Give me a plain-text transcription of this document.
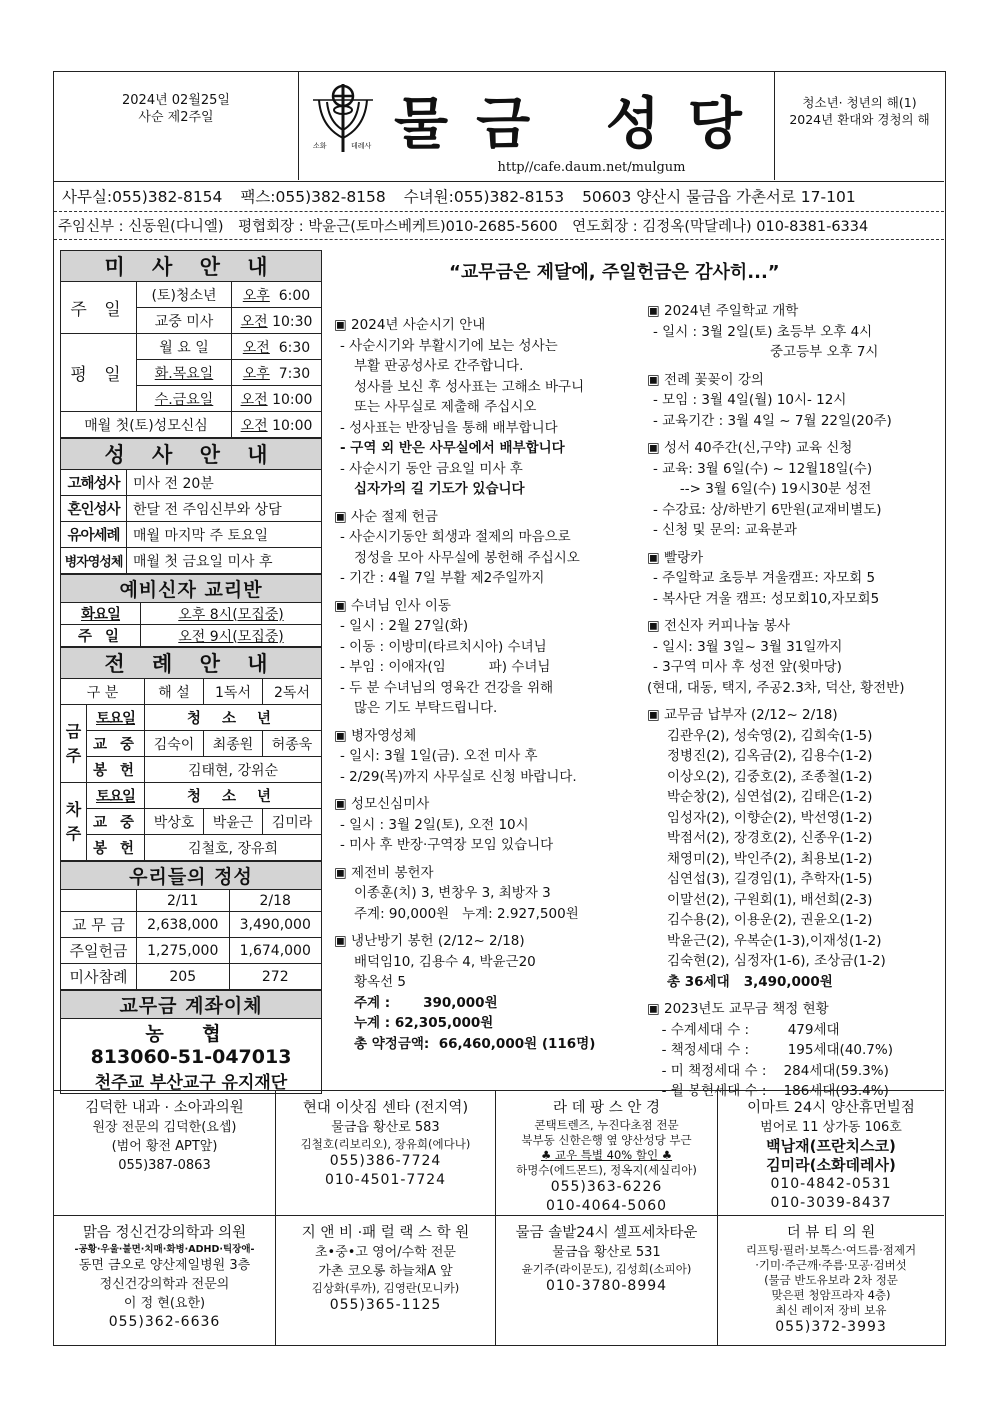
2024년 02월25일
사순 제2주일
소화	데레사 물금 성당
http//cafe.daum.net/mulgum
청소년· 청년의 해(1)
2024년 환대와 경청의 해
사무실:055)382-8154 팩스:055)382-8158 수녀원:055)382-8153 50603 양산시 물금읍 가촌서로 17-101
주임신부 : 신동원(다니엘) 평협회장 : 박윤근(토마스베케트)010-2685-5600 연도회장 : 김정옥(막달레나) 010-8381-6334
미 사 안 내		
주 일	(토)청소년	오후 6:00
	교중 미사	오전 10:30
평 일	월 요 일	오전 6:30
	화.목요일	오후 7:30
	수.금요일	오전 10:00
매월 첫(토)성모신심		오전 10:00
성 사 안 내	
고해성사	미사 전 20분
혼인성사	한달 전 주임신부와 상담
유아세례	매월 마지막 주 토요일
병자영성체	매월 첫 금요일 미사 후
예비신자 교리반	
화요일	오후 8시(모집중)
주 일	오전 9시(모집중)
전 례 안 내				
구 분		해 설	1독서	2독서
금주	토요일	청 소 년		
	교 중	김숙이	최종원	허종욱
	봉 헌	김태현, 강위순		
차주	토요일	청 소 년		
	교 중	박상호	박윤근	김미라
	봉 헌	김철호, 장유희		
우리들의 정성		
	2/11	2/18
교 무 금	2,638,000	3,490,000
주일헌금	1,275,000	1,674,000
미사참례	205	272
교무금 계좌이체
농 협
813060-51-047013
천주교 부산교구 유지재단
“교무금은 제달에, 주일헌금은 감사히...”
▣ 2024년 사순시기 안내
- 사순시기와 부활시기에 보는 성사는
부활 판공성사로 간주합니다.
성사를 보신 후 성사표는 고해소 바구니
또는 사무실로 제출해 주십시오
- 성사표는 반장님을 통해 배부합니다
- 구역 외 반은 사무실에서 배부합니다
- 사순시기 동안 금요일 미사 후
십자가의 길 기도가 있습니다
▣ 사순 절제 헌금
- 사순시기동안 희생과 절제의 마음으로
정성을 모아 사무실에 봉헌해 주십시오
- 기간 : 4월 7일 부활 제2주일까지
▣ 수녀님 인사 이동
- 일시 : 2월 27일(화)
- 이동 : 이방미(타르치시아) 수녀님
- 부임 : 이애자(임          파) 수녀님
- 두 분 수녀님의 영육간 건강을 위해
많은 기도 부탁드립니다.
▣ 병자영성체
- 일시: 3월 1일(금). 오전 미사 후
- 2/29(목)까지 사무실로 신청 바랍니다.
▣ 성모신심미사
- 일시 : 3월 2일(토), 오전 10시
- 미사 후 반장·구역장 모임 있습니다
▣ 제전비 봉헌자
이종훈(치) 3, 변창우 3, 최방자 3
주계: 90,000원   누계: 2.927,500원
▣ 냉난방기 봉헌 (2/12~ 2/18)
배덕임10, 김용수 4, 박윤근20
황옥선 5
주계 :       390,000원
누계 : 62,305,000원
총 약정금액:  66,460,000원 (116명)
▣ 2024년 주일학교 개학
- 일시 : 3월 2일(토) 초등부 오후 4시
중고등부 오후 7시
▣ 전례 꽃꽂이 강의
- 모임 : 3월 4일(월) 10시- 12시
- 교육기간 : 3월 4일 ~ 7월 22일(20주)
▣ 성서 40주간(신,구약) 교육 신청
- 교육: 3월 6일(수) ~ 12월18일(수)
--> 3월 6일(수) 19시30분 성전
- 수강료: 상/하반기 6만원(교재비별도)
- 신청 및 문의: 교육분과
▣ 빨랑카
- 주일학교 초등부 겨울캠프: 자모회 5
- 복사단 겨울 캠프: 성모회10,자모회5
▣ 전신자 커피나눔 봉사
- 일시: 3월 3일~ 3월 31일까지
- 3구역 미사 후 성전 앞(윗마당)
(현대, 대동, 택지, 주공2.3차, 덕산, 황전반)
▣ 교무금 납부자 (2/12~ 2/18)
김관우(2), 성숙영(2), 김희숙(1-5)
정병진(2), 김옥금(2), 김용수(1-2)
이상오(2), 김중호(2), 조종철(1-2)
박순창(2), 심연섭(2), 김태은(1-2)
임성자(2), 이향순(2), 박선영(1-2)
박점서(2), 장경호(2), 신종우(1-2)
채영미(2), 박인주(2), 최용보(1-2)
심연섭(3), 길경임(1), 추학자(1-5)
이말선(2), 구원회(1), 배선희(2-3)
김수용(2), 이용운(2), 권윤오(1-2)
박윤근(2), 우복순(1-3),이재성(1-2)
김숙현(2), 심정자(1-6), 조상금(1-2)
총 36세대   3,490,000원
▣ 2023년도 교무금 책정 현황
- 수계세대 수 :         479세대
- 책정세대 수 :         195세대(40.7%)
- 미 책정세대 수 :    284세대(59.3%)
- 월 봉헌세대 수 :    186세대(93.4%)
김덕한 내과 · 소아과의원
원장 전문의 김덕한(요셉)
(범어 황전 APT앞)
055)387-0863
현대 이삿짐 센타 (전지역)
물금읍 황산로 583
김철호(리보리오), 장유희(에다나)
055)386-7724
010-4501-7724
라 데 팡 스 안 경
콘택트렌즈, 누진다초점 전문
북부동 신한은행 옆 양산성당 부근
♣ 교우 특별 40% 할인 ♣
하명수(에드몬드), 정옥지(세실리아)
055)363-6226
010-4064-5060
이마트 24시 양산휴먼빌점
범어로 11 상가동 106호
백남재(프란치스코)
김미라(소화데레사)
010-4842-0531
010-3039-8437
맑음 정신건강의학과 의원
-공황·우울·불면·치매·화병·ADHD·틱장애-
동면 금오로 양산제일병원 3층
정신건강의학과 전문의
이 정 현(요한)
055)362-6636
지 앤 비 ·패 럴 랙 스 학 원
초•중•고 영어/수학 전문
가촌 코오롱 하늘채A 앞
김상화(루까), 김영란(모니카)
055)365-1125
물금 솔밭24시 셀프세차타운
물금읍 황산로 531
윤기주(라이문도), 김성희(소피아)
010-3780-8994
더 뷰 티 의 원
리프팅·필러·보톡스·여드름·점제거
·기미·주근깨·주름·모공·검버섯
(물금 반도유보라 2차 정문
맞은편 청암프라자 4층)
최신 레이저 장비 보유
055)372-3993
